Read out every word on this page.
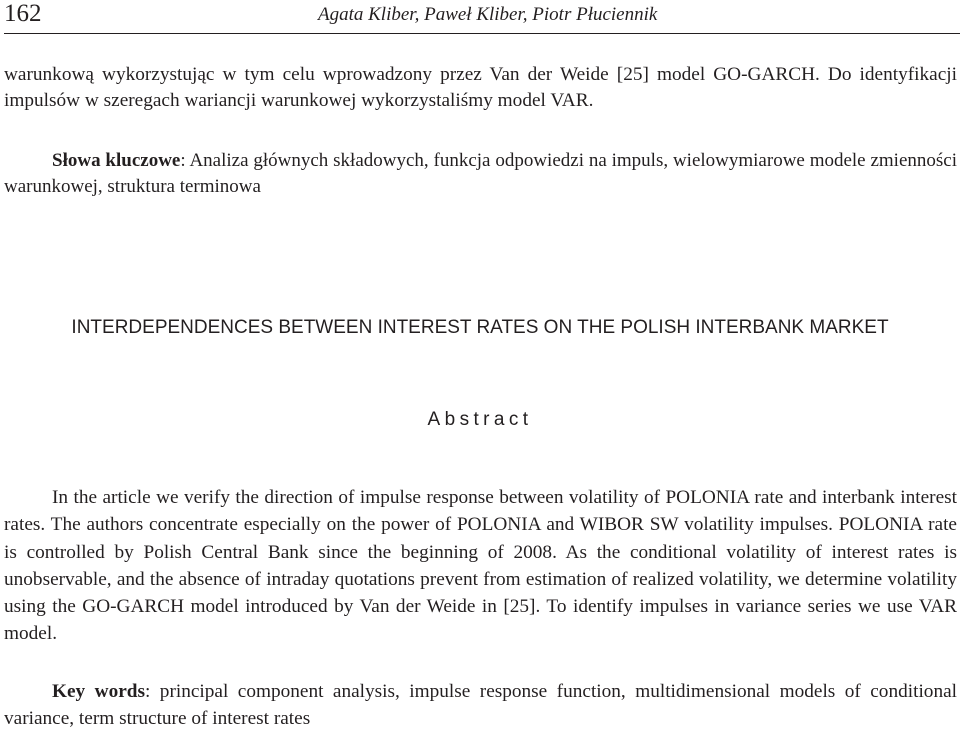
162	Agata Kliber, Paweł Kliber, Piotr Płuciennik

warunkową wykorzystując w tym celu wprowadzony przez Van der Weide [25] model GO-GARCH. Do identyfikacji impulsów w szeregach wariancji warunkowej wykorzystaliśmy model VAR.

Słowa kluczowe: Analiza głównych składowych, funkcja odpowiedzi na impuls, wielowymiarowe modele zmienności warunkowej, struktura terminowa

INTERDEPENDENCES BETWEEN INTEREST RATES ON THE POLISH INTERBANK MARKET
Abstract

In the article we verify the direction of impulse response between volatility of POLONIA rate and interbank interest rates. The authors concentrate especially on the power of POLONIA and WIBOR SW volatility impulses. POLONIA rate is controlled by Polish Central Bank since the beginning of 2008. As the conditional volatility of interest rates is unobservable, and the absence of intraday quotations prevent from estimation of realized volatility, we determine volatility using the GO-GARCH model introduced by Van der Weide in [25]. To identify impulses in variance series we use VAR model.

Key words: principal component analysis, impulse response function, multidimensional models of conditional variance, term structure of interest rates
